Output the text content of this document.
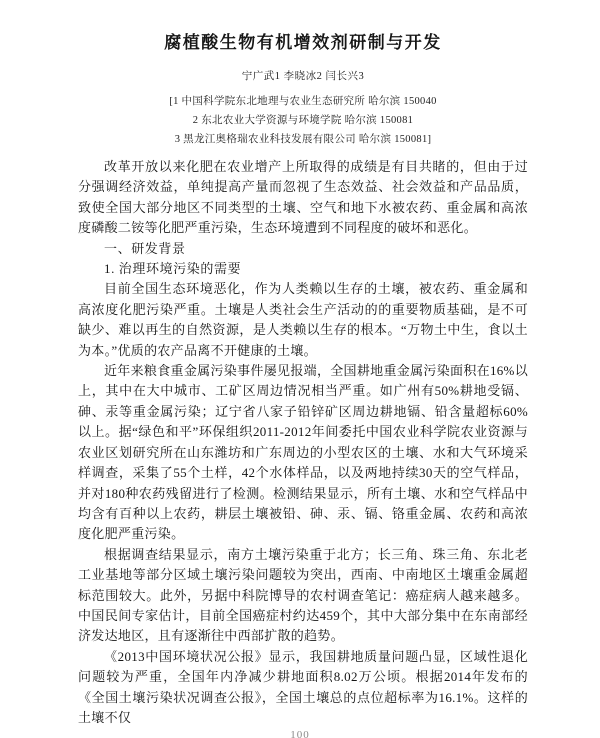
腐植酸生物有机增效剂研制与开发
宁广武1 李晓冰2 闫长兴3
[1 中国科学院东北地理与农业生态研究所 哈尔滨 150040
2 东北农业大学资源与环境学院 哈尔滨 150081
3 黑龙江奥格瑞农业科技发展有限公司 哈尔滨 150081]

改革开放以来化肥在农业增产上所取得的成绩是有目共睹的，但由于过分强调经济效益，单纯提高产量而忽视了生态效益、社会效益和产品品质，致使全国大部分地区不同类型的土壤、空气和地下水被农药、重金属和高浓度磷酸二铵等化肥严重污染，生态环境遭到不同程度的破坏和恶化。

一、研发背景

1. 治理环境污染的需要

目前全国生态环境恶化，作为人类赖以生存的土壤，被农药、重金属和高浓度化肥污染严重。土壤是人类社会生产活动的的重要物质基础，是不可缺少、难以再生的自然资源，是人类赖以生存的根本。“万物土中生，食以土为本。”优质的农产品离不开健康的土壤。

近年来粮食重金属污染事件屡见报端，全国耕地重金属污染面积在16%以上，其中在大中城市、工矿区周边情况相当严重。如广州有50%耕地受镉、砷、汞等重金属污染；辽宁省八家子铅锌矿区周边耕地镉、铅含量超标60%以上。据“绿色和平”环保组织2011-2012年间委托中国农业科学院农业资源与农业区划研究所在山东潍坊和广东周边的小型农区的土壤、水和大气环境采样调查，采集了55个土样，42个水体样品，以及两地持续30天的空气样品，并对180种农药残留进行了检测。检测结果显示，所有土壤、水和空气样品中均含有百种以上农药，耕层土壤被铅、砷、汞、镉、铬重金属、农药和高浓度化肥严重污染。

根据调查结果显示，南方土壤污染重于北方；长三角、珠三角、东北老工业基地等部分区域土壤污染问题较为突出，西南、中南地区土壤重金属超标范围较大。此外，另据中科院博导的农村调查笔记：癌症病人越来越多。中国民间专家估计，目前全国癌症村约达459个，其中大部分集中在东南部经济发达地区，且有逐渐往中西部扩散的趋势。

《2013中国环境状况公报》显示，我国耕地质量问题凸显，区域性退化问题较为严重，全国年内净减少耕地面积8.02万公顷。根据2014年发布的《全国土壤污染状况调查公报》，全国土壤总的点位超标率为16.1%。这样的土壤不仅

100
